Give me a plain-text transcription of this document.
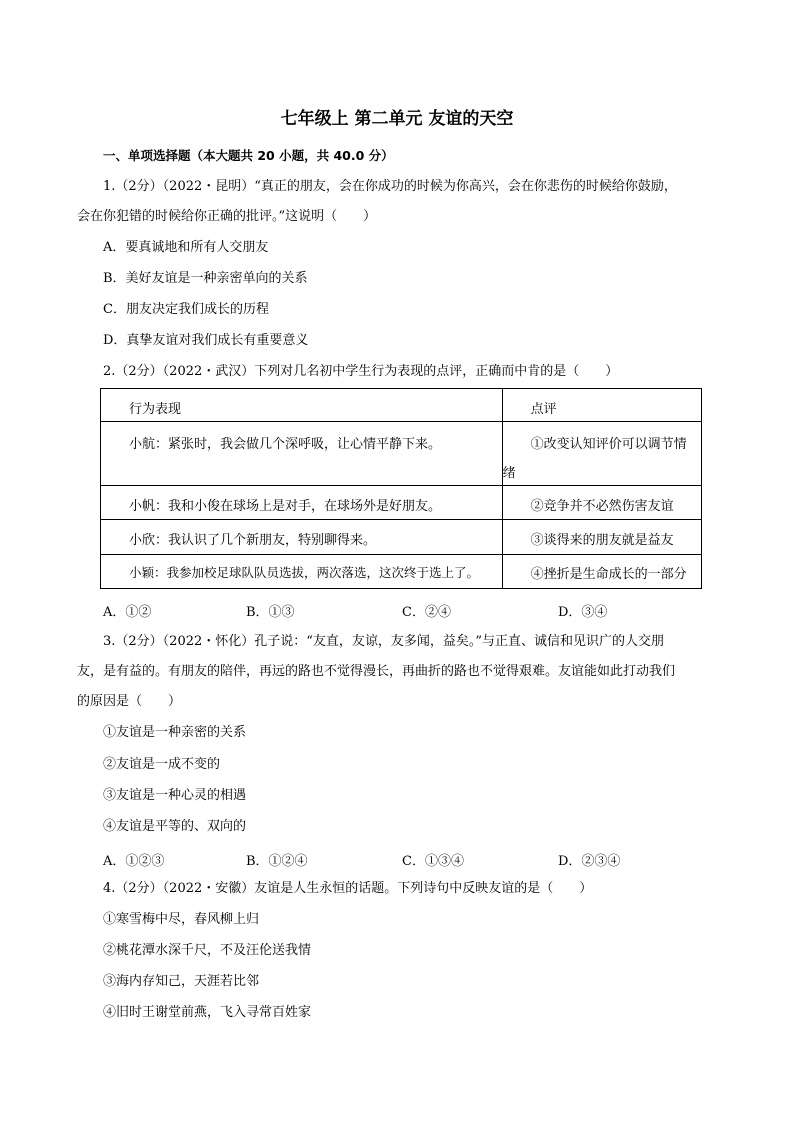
七年级上 第二单元 友谊的天空
一、单项选择题（本大题共 20 小题，共 40.0 分）
1.（2分）（2022・昆明）“真正的朋友，会在你成功的时候为你高兴，会在你悲伤的时候给你鼓励，
会在你犯错的时候给你正确的批评。”这说明（　　）
A．要真诚地和所有人交朋友
B．美好友谊是一种亲密单向的关系
C．朋友决定我们成长的历程
D．真挚友谊对我们成长有重要意义
2.（2分）（2022・武汉）下列对几名初中学生行为表现的点评，正确而中肯的是（　　）
行为表现	点评

小航：紧张时，我会做几个深呼吸，让心情平静下来。	①改变认知评价可以调节情
绪

小帆：我和小俊在球场上是对手，在球场外是好朋友。	②竞争并不必然伤害友谊

小欣：我认识了几个新朋友，特别聊得来。	③谈得来的朋友就是益友

小颖：我参加校足球队队员选拔，两次落选，这次终于选上了。	④挫折是生命成长的一部分
A．①②	B．①③	C．②④	D．③④
3.（2分）（2022・怀化）孔子说：“友直，友谅，友多闻，益矣。”与正直、诚信和见识广的人交朋
友，是有益的。有朋友的陪伴，再远的路也不觉得漫长，再曲折的路也不觉得艰难。友谊能如此打动我们
的原因是（　　）
①友谊是一种亲密的关系
②友谊是一成不变的
③友谊是一种心灵的相遇
④友谊是平等的、双向的
A．①②③	B．①②④	C．①③④	D．②③④
4.（2分）（2022・安徽）友谊是人生永恒的话题。下列诗句中反映友谊的是（　　）
①寒雪梅中尽，春风柳上归
②桃花潭水深千尺，不及汪伦送我情
③海内存知己，天涯若比邻
④旧时王谢堂前燕，飞入寻常百姓家
